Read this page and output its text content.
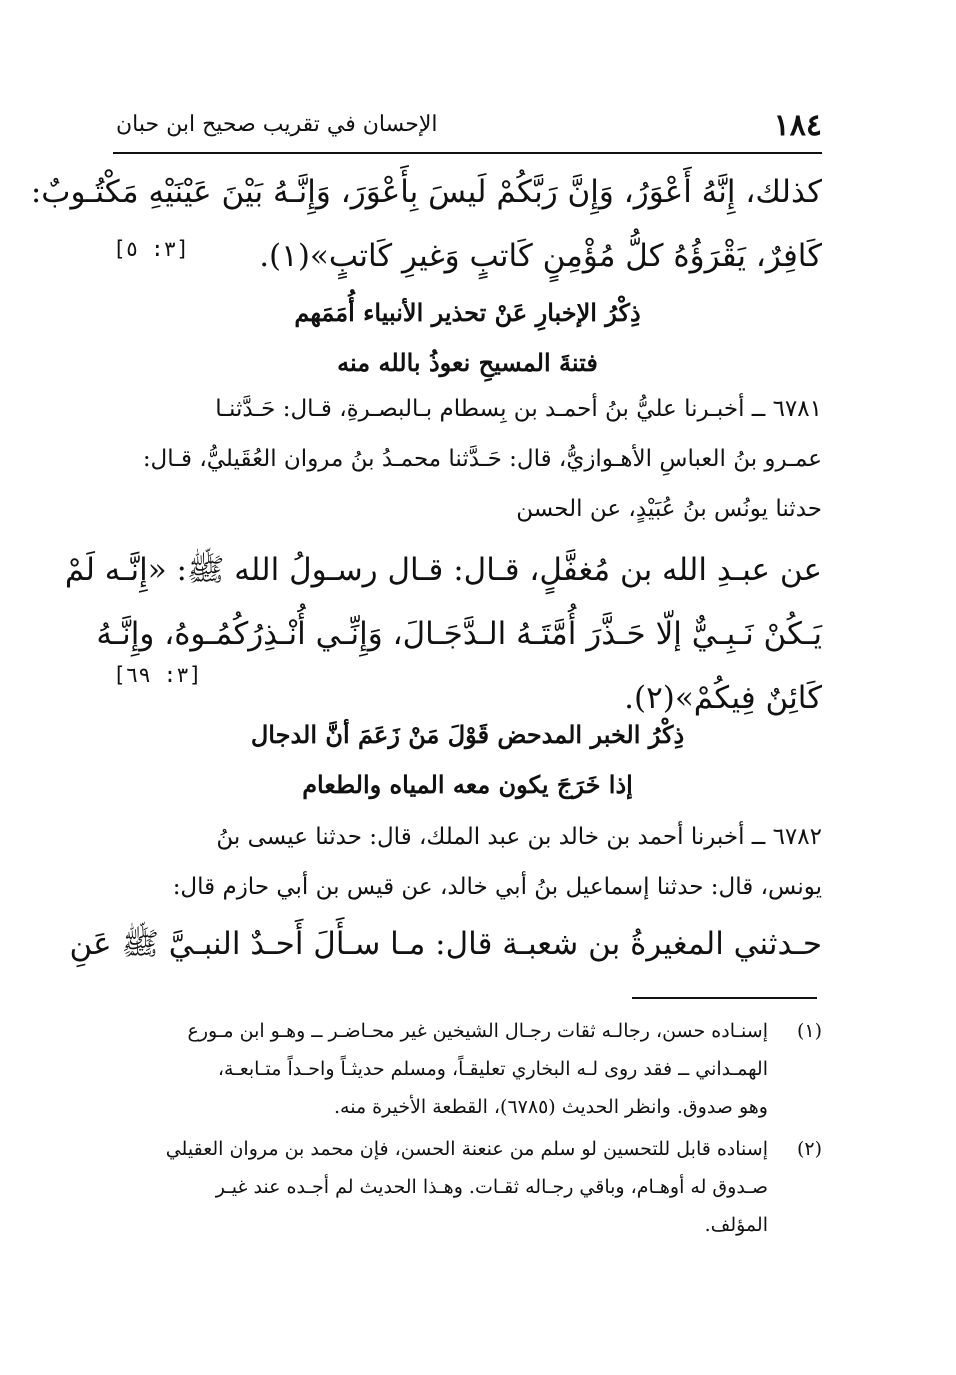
١٨٤
الإحسان في تقريب صحيح ابن حبان
كذلك، إِنَّهُ أَعْوَرُ، وَإِنَّ رَبَّكُمْ لَيسَ بِأَعْوَرَ، وَإِنَّـهُ بَيْنَ عَيْنَيْهِ مَكْتُـوبٌ:
كَافِرٌ، يَقْرَؤُهُ كلُّ مُؤْمِنٍ كَاتبٍ وَغيرِ كَاتبٍ»(١).
[٣: ٥]
ذِكْرُ الإخبارِ عَنْ تحذير الأنبياء أُمَمَهم
فتنةَ المسيحِ نعوذُ بالله منه
٦٧٨١ ــ أخبـرنا عليُّ بنُ أحمـد بن بِسطام بـالبصـرةِ، قـال: حَـدَّثنـا
عمـرو بنُ العباسِ الأهـوازيُّ، قال: حَـدَّثنا محمـدُ بنُ مروان العُقَيليُّ، قـال:
حدثنا يونُس بنُ عُبَيْدٍ، عن الحسن
عن عبـدِ الله بن مُغفَّلٍ، قـال: قـال رسـولُ الله ﷺ: «إِنَّـه لَمْ
يَـكُنْ نَـبِـيٌّ إلّا حَـذَّرَ أُمَّتَـهُ الـدَّجَـالَ، وَإِنِّـي أُنْـذِرُكُمُـوهُ، وإِنَّـهُ
كَائِنٌ فِيكُمْ»(٢).
[٣: ٦٩]
ذِكْرُ الخبر المدحض قَوْلَ مَنْ زَعَمَ أنَّ الدجال
إذا خَرَجَ يكون معه المياه والطعام
٦٧٨٢ ــ أخبرنا أحمد بن خالد بن عبد الملك، قال: حدثنا عيسى بنُ
يونس، قال: حدثنا إسماعيل بنُ أبي خالد، عن قيس بن أبي حازم قال:
حـدثني المغيرةُ بن شعبـة قال: مـا سـأَلَ أَحـدٌ النبـيَّ ﷺ عَنِ
(١)
إسنـاده حسن، رجالـه ثقات رجـال الشيخين غير محـاضـر ــ وهـو ابن مـورع
الهمـداني ــ فقد روى لـه البخاري تعليقـاً، ومسلم حديثـاً واحـداً متـابعـة،
وهو صدوق. وانظر الحديث (٦٧٨٥)، القطعة الأخيرة منه.
(٢)
إسناده قابل للتحسين لو سلم من عنعنة الحسن، فإن محمد بن مروان العقيلي
صـدوق له أوهـام، وباقي رجـاله ثقـات. وهـذا الحديث لم أجـده عند غيـر
المؤلف.
